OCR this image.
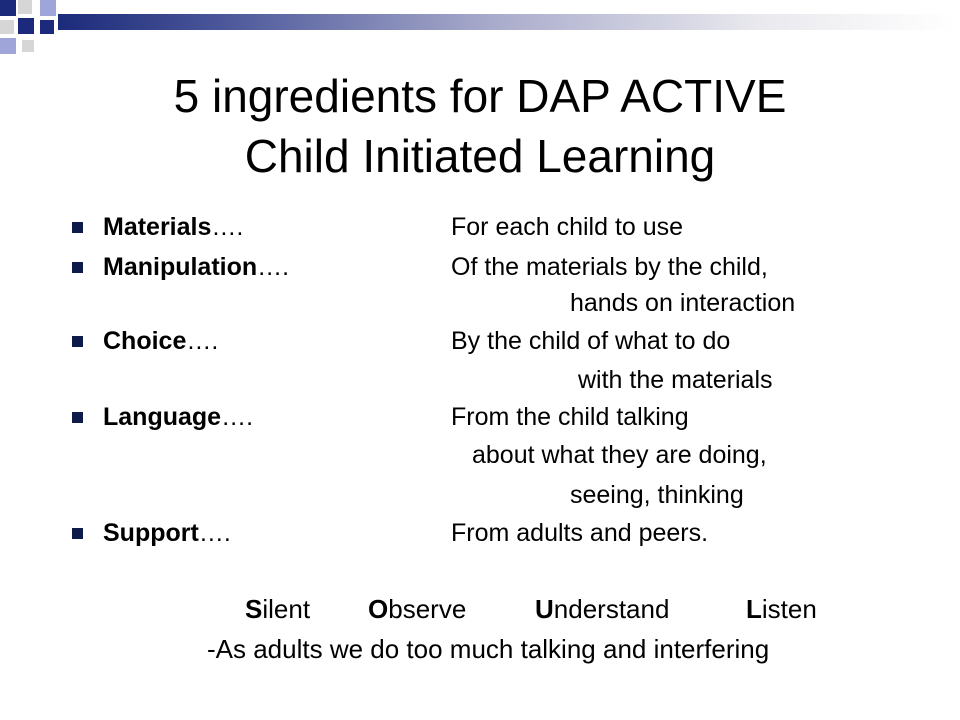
5 ingredients for DAP ACTIVE
Child Initiated Learning
Materials….	For each child to use
Manipulation….	Of the materials by the child,
hands on interaction
Choice….	By the child of what to do
with the materials
Language….	From the child talking
about what they are doing,
seeing, thinking
Support….	From adults and peers.
Silent Observe	Understand	Listen
-As adults we do too much talking and interfering
